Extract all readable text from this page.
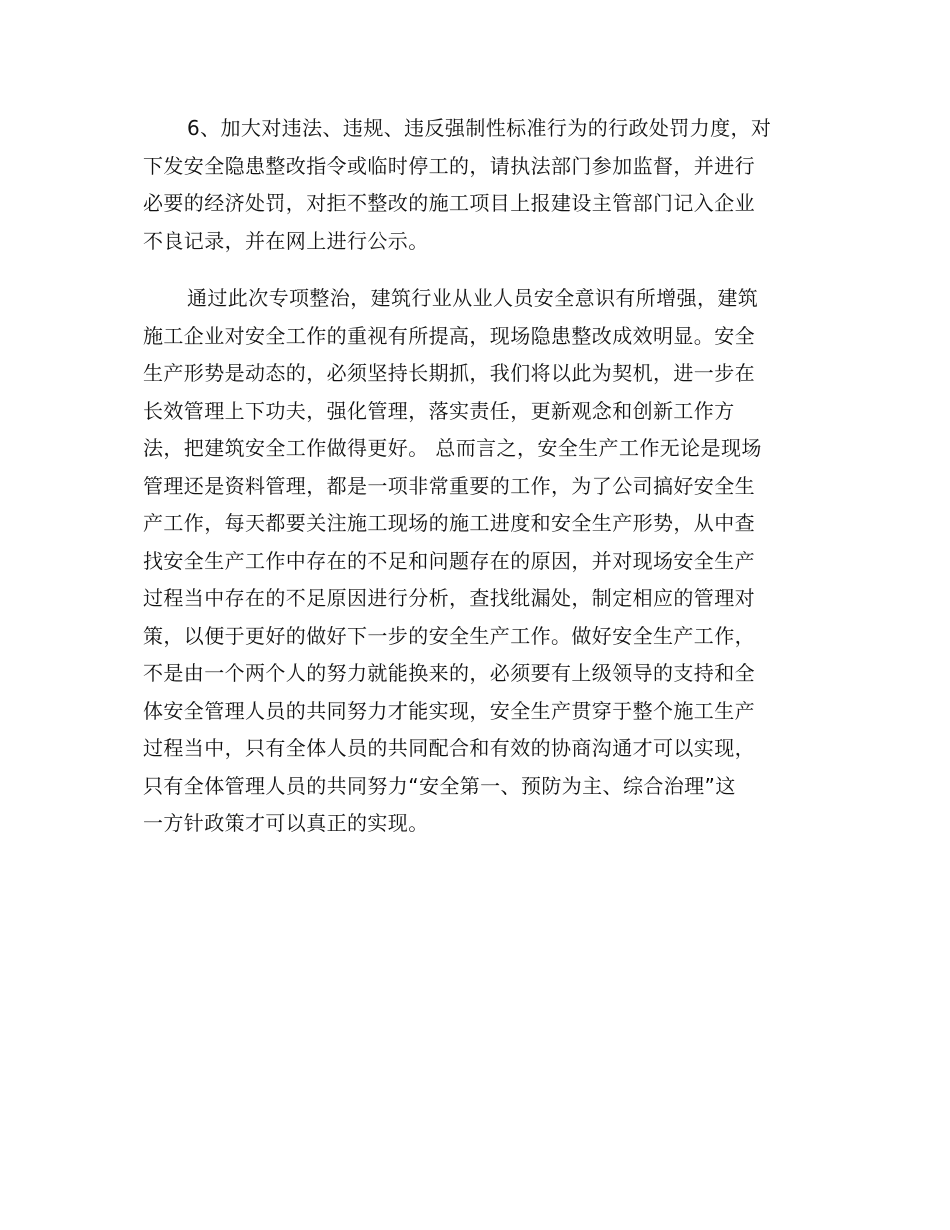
6、加大对违法、违规、违反强制性标准行为的行政处罚力度，对
下发安全隐患整改指令或临时停工的，请执法部门参加监督，并进行
必要的经济处罚，对拒不整改的施工项目上报建设主管部门记入企业
不良记录，并在网上进行公示。

通过此次专项整治，建筑行业从业人员安全意识有所增强，建筑
施工企业对安全工作的重视有所提高，现场隐患整改成效明显。安全
生产形势是动态的，必须坚持长期抓，我们将以此为契机，进一步在
长效管理上下功夫，强化管理，落实责任，更新观念和创新工作方
法，把建筑安全工作做得更好。 总而言之，安全生产工作无论是现场
管理还是资料管理，都是一项非常重要的工作，为了公司搞好安全生
产工作，每天都要关注施工现场的施工进度和安全生产形势，从中查
找安全生产工作中存在的不足和问题存在的原因，并对现场安全生产
过程当中存在的不足原因进行分析，查找纰漏处，制定相应的管理对
策，以便于更好的做好下一步的安全生产工作。做好安全生产工作，
不是由一个两个人的努力就能换来的，必须要有上级领导的支持和全
体安全管理人员的共同努力才能实现，安全生产贯穿于整个施工生产
过程当中，只有全体人员的共同配合和有效的协商沟通才可以实现，
只有全体管理人员的共同努力“安全第一、预防为主、综合治理”这
一方针政策才可以真正的实现。
